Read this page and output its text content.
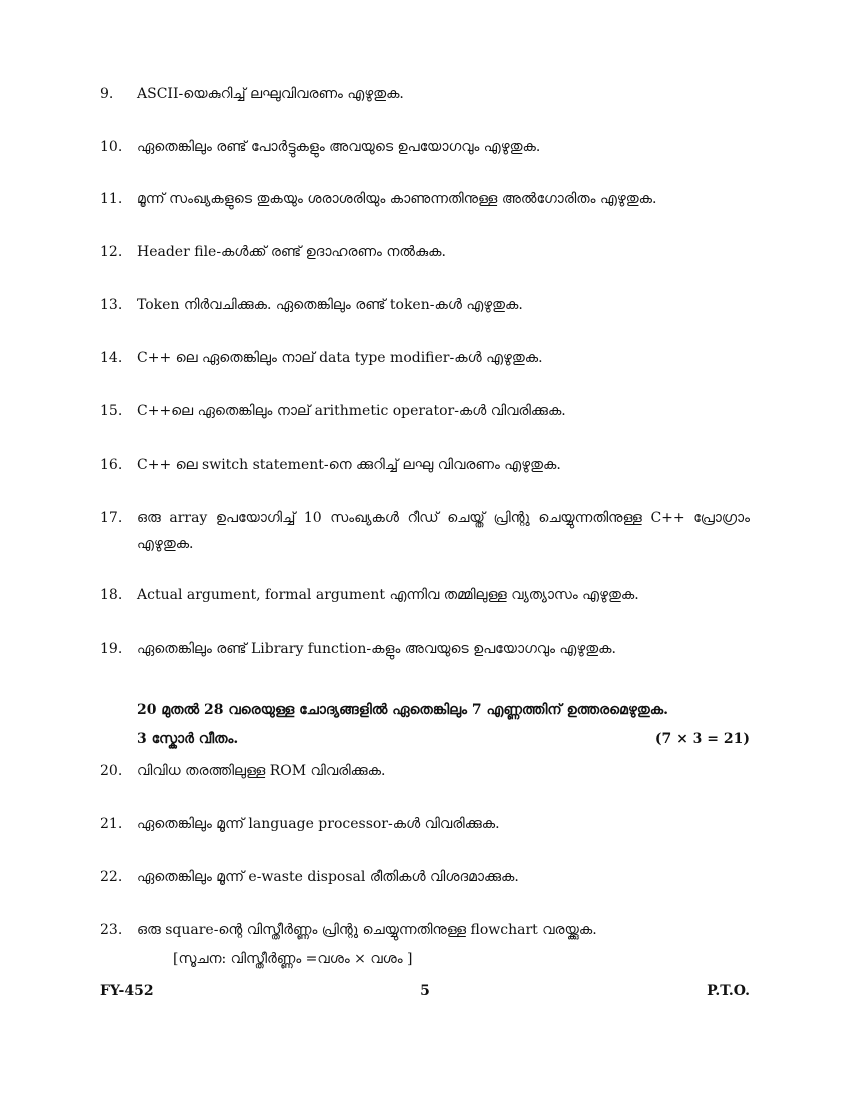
9.	ASCII-യെകുറിച്ച് ലഘുവിവരണം എഴുതുക.
10.	ഏതെങ്കിലും രണ്ട് പോർട്ടുകളും അവയുടെ ഉപയോഗവും എഴുതുക.
11.	മൂന്ന് സംഖ്യകളുടെ തുകയും ശരാശരിയും കാണുന്നതിനുള്ള അൽഗോരിതം എഴുതുക.
12.	Header file-കൾക്ക് രണ്ട് ഉദാഹരണം നൽകുക.
13.	Token നിർവചിക്കുക. ഏതെങ്കിലും രണ്ട് token-കൾ എഴുതുക.
14.	C++ ലെ ഏതെങ്കിലും നാല് data type modifier-കൾ എഴുതുക.
15.	C++ലെ ഏതെങ്കിലും നാല് arithmetic operator-കൾ വിവരിക്കുക.
16.	C++ ലെ switch statement-നെ ക്കുറിച്ച് ലഘു വിവരണം എഴുതുക.
17.	ഒരു array ഉപയോഗിച്ച് 10 സംഖ്യകൾ റീഡ് ചെയ്ത് പ്രിന്റു ചെയ്യുന്നതിനുള്ള C++ പ്രോഗ്രാം എഴുതുക.
18.	Actual argument, formal argument എന്നിവ തമ്മിലുള്ള വ്യത്യാസം എഴുതുക.
19.	ഏതെങ്കിലും രണ്ട് Library function-കളും അവയുടെ ഉപയോഗവും എഴുതുക.
20 മുതൽ 28 വരെയുള്ള ചോദ്യങ്ങളിൽ ഏതെങ്കിലും 7 എണ്ണത്തിന് ഉത്തരമെഴുതുക.
3 സ്കോർ വീതം.	(7 × 3 = 21)
20.	വിവിധ തരത്തിലുള്ള ROM വിവരിക്കുക.
21.	ഏതെങ്കിലും മൂന്ന് language processor-കൾ വിവരിക്കുക.
22.	ഏതെങ്കിലും മൂന്ന് e-waste disposal രീതികൾ വിശദമാക്കുക.
23.	ഒരു square-ന്റെ വിസ്തീർണ്ണം പ്രിന്റു ചെയ്യുന്നതിനുള്ള flowchart വരയ്ക്കുക.
[സൂചന: വിസ്തീർണ്ണം =വശം × വശം ]
FY-452	5	P.T.O.
